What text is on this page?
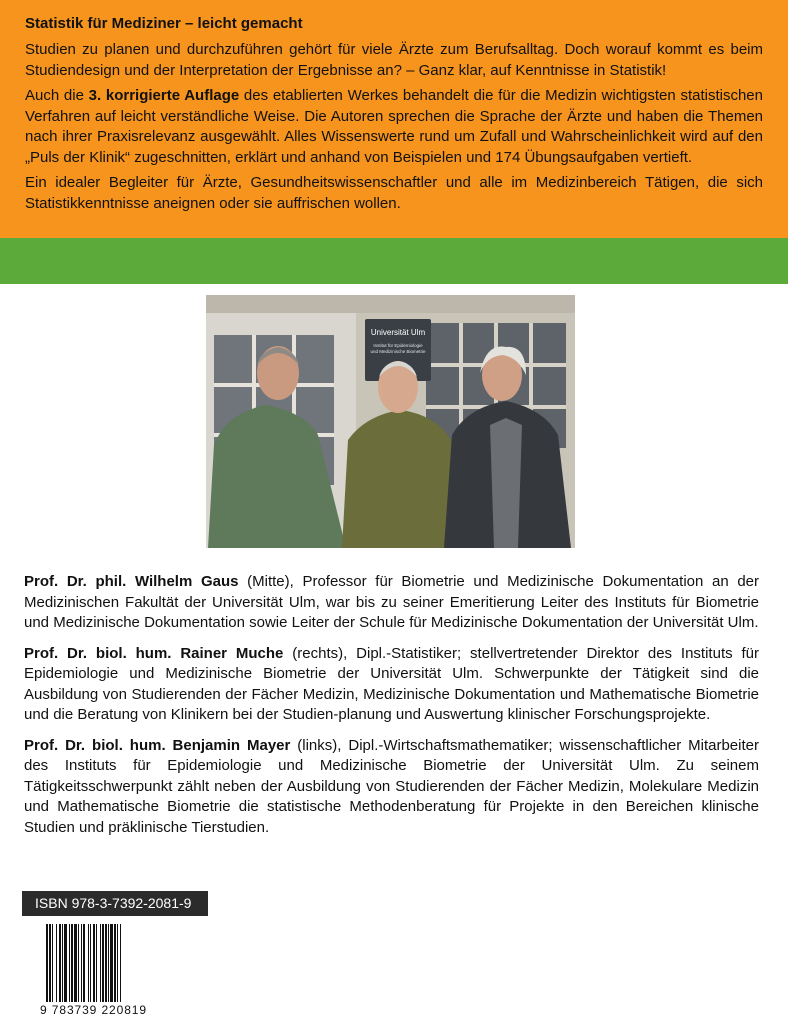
Statistik für Mediziner – leicht gemacht

Studien zu planen und durchzuführen gehört für viele Ärzte zum Berufsalltag. Doch worauf kommt es beim Studiendesign und der Interpretation der Ergebnisse an? – Ganz klar, auf Kenntnisse in Statistik!

Auch die 3. korrigierte Auflage des etablierten Werkes behandelt die für die Medizin wichtigsten statistischen Verfahren auf leicht verständliche Weise. Die Autoren sprechen die Sprache der Ärzte und haben die Themen nach ihrer Praxisrelevanz ausgewählt. Alles Wissenswerte rund um Zufall und Wahrscheinlichkeit wird auf den „Puls der Klinik“ zugeschnitten, erklärt und anhand von Beispielen und 174 Übungsaufgaben vertieft.

Ein idealer Begleiter für Ärzte, Gesundheitswissenschaftler und alle im Medizinbereich Tätigen, die sich Statistikkenntnisse aneignen oder sie auffrischen wollen.

Universität Ulm
Institut für Epidemiologie
und Medizinische Biometrie

Prof. Dr. phil. Wilhelm Gaus (Mitte), Professor für Biometrie und Medizinische Dokumentation an der Medizinischen Fakultät der Universität Ulm, war bis zu seiner Emeritierung Leiter des Instituts für Biometrie und Medizinische Dokumentation sowie Leiter der Schule für Medizinische Dokumentation der Universität Ulm.

Prof. Dr. biol. hum. Rainer Muche (rechts), Dipl.-Statistiker; stellvertretender Direktor des Instituts für Epidemiologie und Medizinische Biometrie der Universität Ulm. Schwerpunkte der Tätigkeit sind die Ausbildung von Studierenden der Fächer Medizin, Medizinische Dokumentation und Mathematische Biometrie und die Beratung von Klinikern bei der Studien-planung und Auswertung klinischer Forschungsprojekte.

Prof. Dr. biol. hum. Benjamin Mayer (links), Dipl.-Wirtschaftsmathematiker; wissenschaftlicher Mitarbeiter des Instituts für Epidemiologie und Medizinische Biometrie der Universität Ulm. Zu seinem Tätigkeitsschwerpunkt zählt neben der Ausbildung von Studierenden der Fächer Medizin, Molekulare Medizin und Mathematische Biometrie die statistische Methodenberatung für Projekte in den Bereichen klinische Studien und präklinische Tierstudien.

ISBN 978-3-7392-2081-9
9 783739 220819
